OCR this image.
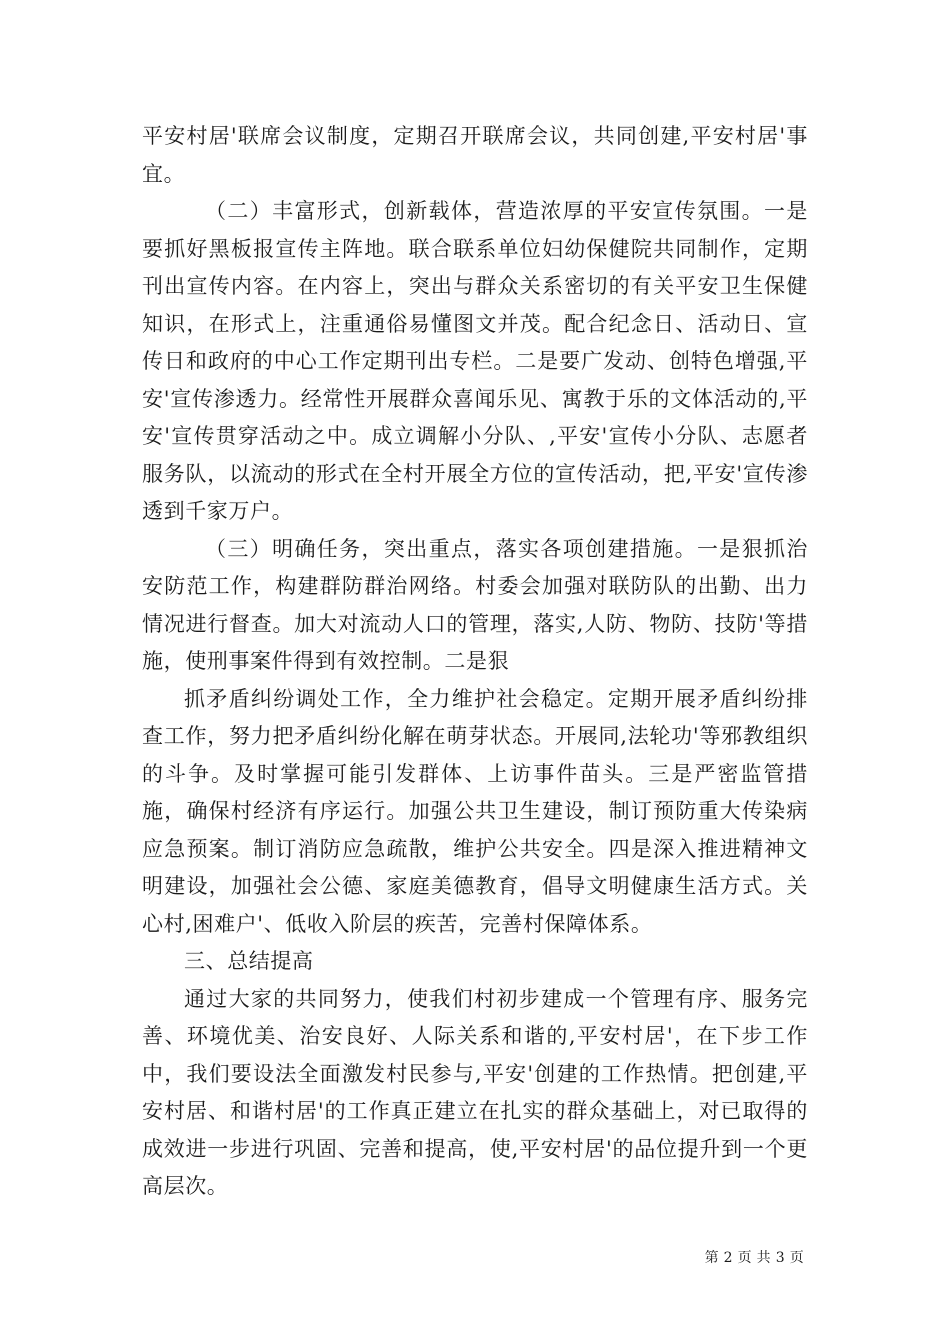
平安村居'联席会议制度，定期召开联席会议，共同创建,平安村居'事宜。

（二）丰富形式，创新载体，营造浓厚的平安宣传氛围。一是要抓好黑板报宣传主阵地。联合联系单位妇幼保健院共同制作，定期刊出宣传内容。在内容上，突出与群众关系密切的有关平安卫生保健知识，在形式上，注重通俗易懂图文并茂。配合纪念日、活动日、宣传日和政府的中心工作定期刊出专栏。二是要广发动、创特色增强,平安'宣传渗透力。经常性开展群众喜闻乐见、寓教于乐的文体活动的,平安'宣传贯穿活动之中。成立调解小分队、,平安'宣传小分队、志愿者服务队，以流动的形式在全村开展全方位的宣传活动，把,平安'宣传渗透到千家万户。

（三）明确任务，突出重点，落实各项创建措施。一是狠抓治安防范工作，构建群防群治网络。村委会加强对联防队的出勤、出力情况进行督查。加大对流动人口的管理，落实,人防、物防、技防'等措施，使刑事案件得到有效控制。二是狠

抓矛盾纠纷调处工作，全力维护社会稳定。定期开展矛盾纠纷排查工作，努力把矛盾纠纷化解在萌芽状态。开展同,法轮功'等邪教组织的斗争。及时掌握可能引发群体、上访事件苗头。三是严密监管措施，确保村经济有序运行。加强公共卫生建设，制订预防重大传染病应急预案。制订消防应急疏散，维护公共安全。四是深入推进精神文明建设，加强社会公德、家庭美德教育，倡导文明健康生活方式。关心村,困难户'、低收入阶层的疾苦，完善村保障体系。

三、总结提高

通过大家的共同努力，使我们村初步建成一个管理有序、服务完善、环境优美、治安良好、人际关系和谐的,平安村居'，在下步工作中，我们要设法全面激发村民参与,平安'创建的工作热情。把创建,平安村居、和谐村居'的工作真正建立在扎实的群众基础上，对已取得的成效进一步进行巩固、完善和提高，使,平安村居'的品位提升到一个更高层次。

第 2 页 共 3 页
